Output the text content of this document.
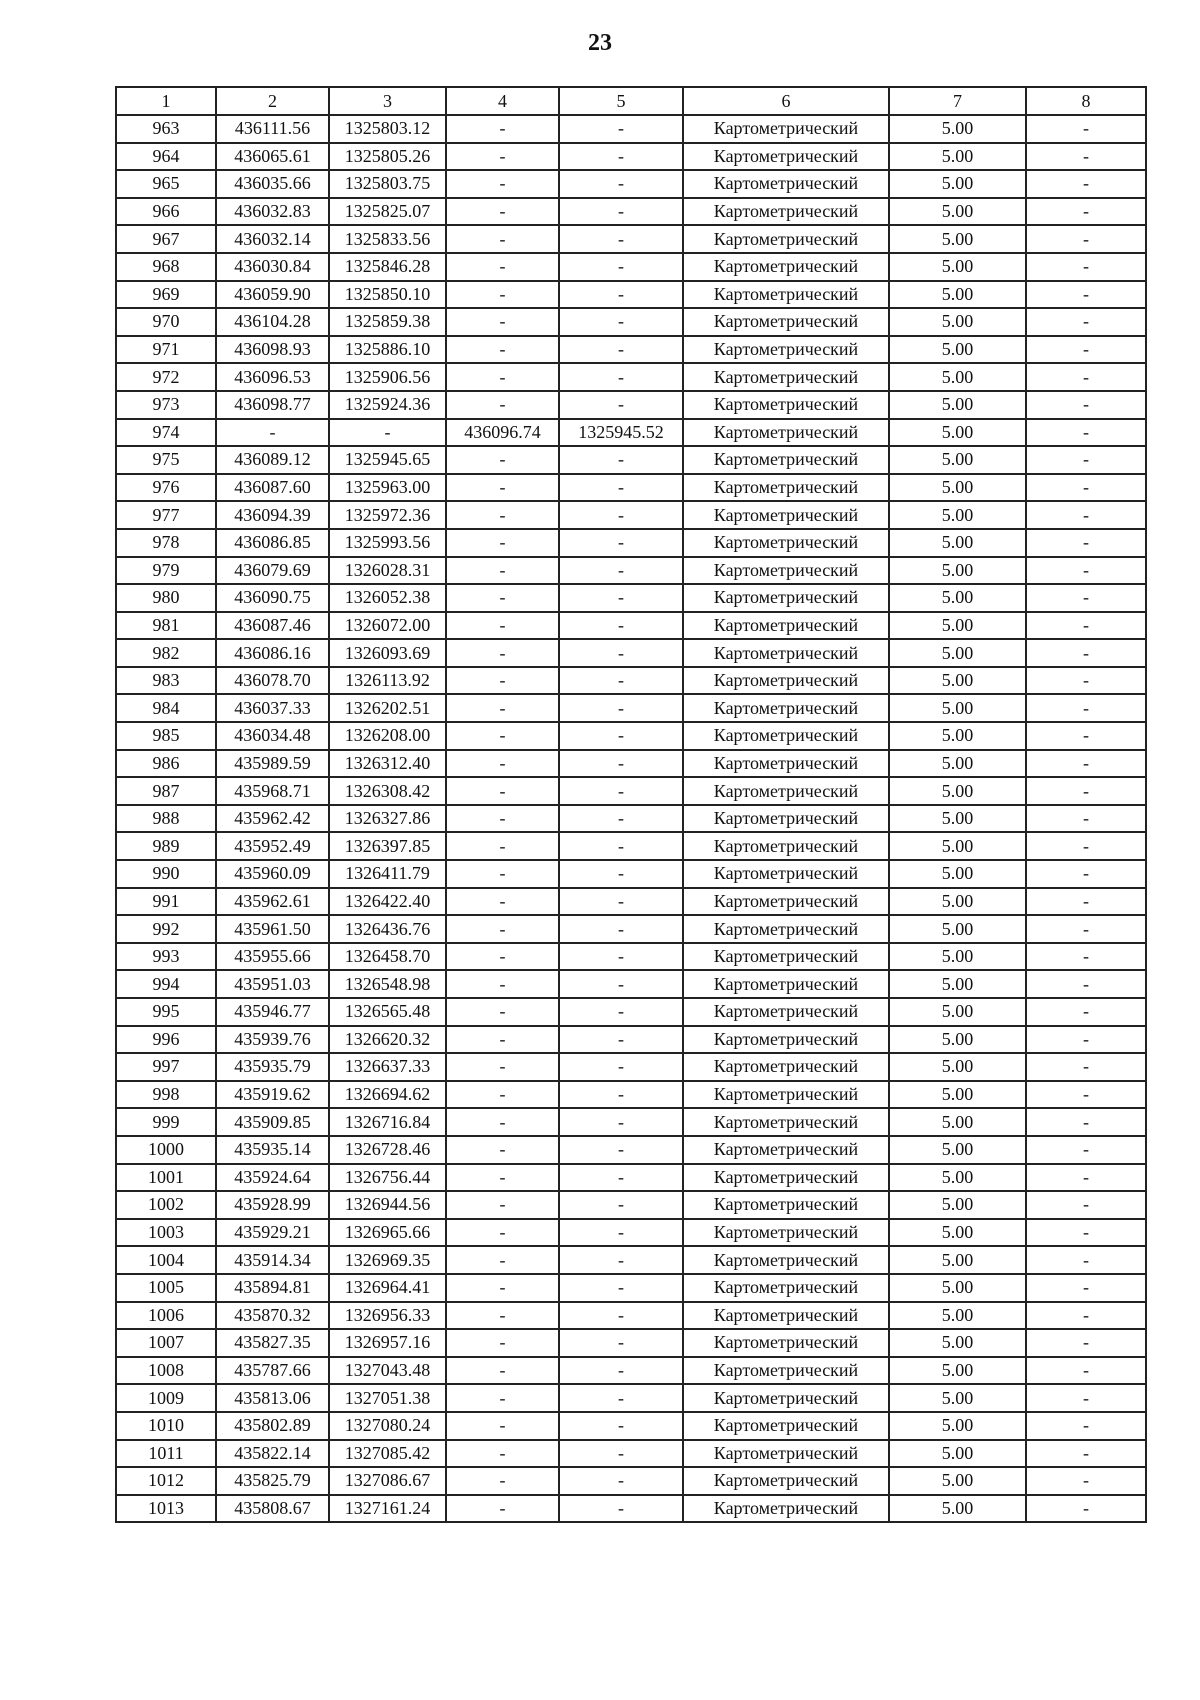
23
1	2	3	4	5	6	7	8
963	436111.56	1325803.12	-	-	Картометрический	5.00	-
964	436065.61	1325805.26	-	-	Картометрический	5.00	-
965	436035.66	1325803.75	-	-	Картометрический	5.00	-
966	436032.83	1325825.07	-	-	Картометрический	5.00	-
967	436032.14	1325833.56	-	-	Картометрический	5.00	-
968	436030.84	1325846.28	-	-	Картометрический	5.00	-
969	436059.90	1325850.10	-	-	Картометрический	5.00	-
970	436104.28	1325859.38	-	-	Картометрический	5.00	-
971	436098.93	1325886.10	-	-	Картометрический	5.00	-
972	436096.53	1325906.56	-	-	Картометрический	5.00	-
973	436098.77	1325924.36	-	-	Картометрический	5.00	-
974	-	-	436096.74	1325945.52	Картометрический	5.00	-
975	436089.12	1325945.65	-	-	Картометрический	5.00	-
976	436087.60	1325963.00	-	-	Картометрический	5.00	-
977	436094.39	1325972.36	-	-	Картометрический	5.00	-
978	436086.85	1325993.56	-	-	Картометрический	5.00	-
979	436079.69	1326028.31	-	-	Картометрический	5.00	-
980	436090.75	1326052.38	-	-	Картометрический	5.00	-
981	436087.46	1326072.00	-	-	Картометрический	5.00	-
982	436086.16	1326093.69	-	-	Картометрический	5.00	-
983	436078.70	1326113.92	-	-	Картометрический	5.00	-
984	436037.33	1326202.51	-	-	Картометрический	5.00	-
985	436034.48	1326208.00	-	-	Картометрический	5.00	-
986	435989.59	1326312.40	-	-	Картометрический	5.00	-
987	435968.71	1326308.42	-	-	Картометрический	5.00	-
988	435962.42	1326327.86	-	-	Картометрический	5.00	-
989	435952.49	1326397.85	-	-	Картометрический	5.00	-
990	435960.09	1326411.79	-	-	Картометрический	5.00	-
991	435962.61	1326422.40	-	-	Картометрический	5.00	-
992	435961.50	1326436.76	-	-	Картометрический	5.00	-
993	435955.66	1326458.70	-	-	Картометрический	5.00	-
994	435951.03	1326548.98	-	-	Картометрический	5.00	-
995	435946.77	1326565.48	-	-	Картометрический	5.00	-
996	435939.76	1326620.32	-	-	Картометрический	5.00	-
997	435935.79	1326637.33	-	-	Картометрический	5.00	-
998	435919.62	1326694.62	-	-	Картометрический	5.00	-
999	435909.85	1326716.84	-	-	Картометрический	5.00	-
1000	435935.14	1326728.46	-	-	Картометрический	5.00	-
1001	435924.64	1326756.44	-	-	Картометрический	5.00	-
1002	435928.99	1326944.56	-	-	Картометрический	5.00	-
1003	435929.21	1326965.66	-	-	Картометрический	5.00	-
1004	435914.34	1326969.35	-	-	Картометрический	5.00	-
1005	435894.81	1326964.41	-	-	Картометрический	5.00	-
1006	435870.32	1326956.33	-	-	Картометрический	5.00	-
1007	435827.35	1326957.16	-	-	Картометрический	5.00	-
1008	435787.66	1327043.48	-	-	Картометрический	5.00	-
1009	435813.06	1327051.38	-	-	Картометрический	5.00	-
1010	435802.89	1327080.24	-	-	Картометрический	5.00	-
1011	435822.14	1327085.42	-	-	Картометрический	5.00	-
1012	435825.79	1327086.67	-	-	Картометрический	5.00	-
1013	435808.67	1327161.24	-	-	Картометрический	5.00	-
